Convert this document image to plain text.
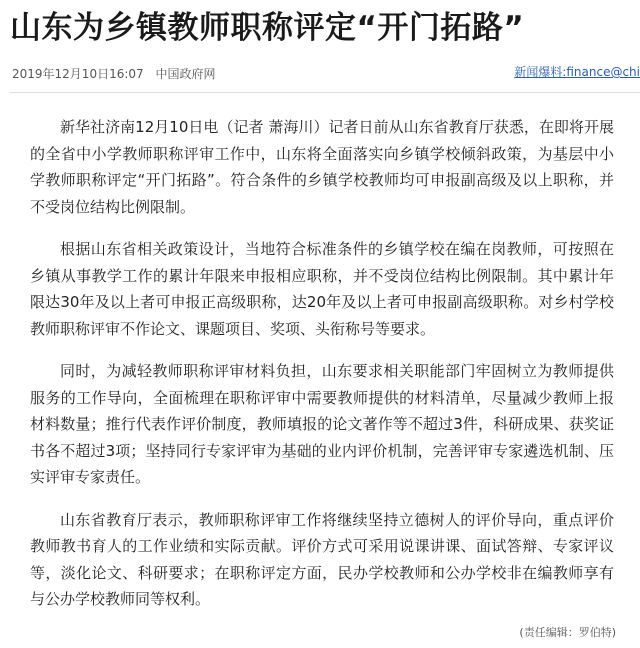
山东为乡镇教师职称评定“开门拓路”
2019年12月10日16:07 中国政府网	新闻爆料:finance@chi

新华社济南12月10日电（记者 萧海川）记者日前从山东省教育厅获悉，在即将开展的全省中小学教师职称评审工作中，山东将全面落实向乡镇学校倾斜政策，为基层中小学教师职称评定“开门拓路”。符合条件的乡镇学校教师均可申报副高级及以上职称，并不受岗位结构比例限制。

根据山东省相关政策设计，当地符合标准条件的乡镇学校在编在岗教师，可按照在乡镇从事教学工作的累计年限来申报相应职称，并不受岗位结构比例限制。其中累计年限达30年及以上者可申报正高级职称，达20年及以上者可申报副高级职称。对乡村学校教师职称评审不作论文、课题项目、奖项、头衔称号等要求。

同时，为减轻教师职称评审材料负担，山东要求相关职能部门牢固树立为教师提供服务的工作导向，全面梳理在职称评审中需要教师提供的材料清单，尽量减少教师上报材料数量；推行代表作评价制度，教师填报的论文著作等不超过3件，科研成果、获奖证书各不超过3项；坚持同行专家评审为基础的业内评价机制，完善评审专家遴选机制、压实评审专家责任。

山东省教育厅表示，教师职称评审工作将继续坚持立德树人的评价导向，重点评价教师教书育人的工作业绩和实际贡献。评价方式可采用说课讲课、面试答辩、专家评议等，淡化论文、科研要求；在职称评定方面，民办学校教师和公办学校非在编教师享有与公办学校教师同等权利。

(责任编辑：罗伯特)
